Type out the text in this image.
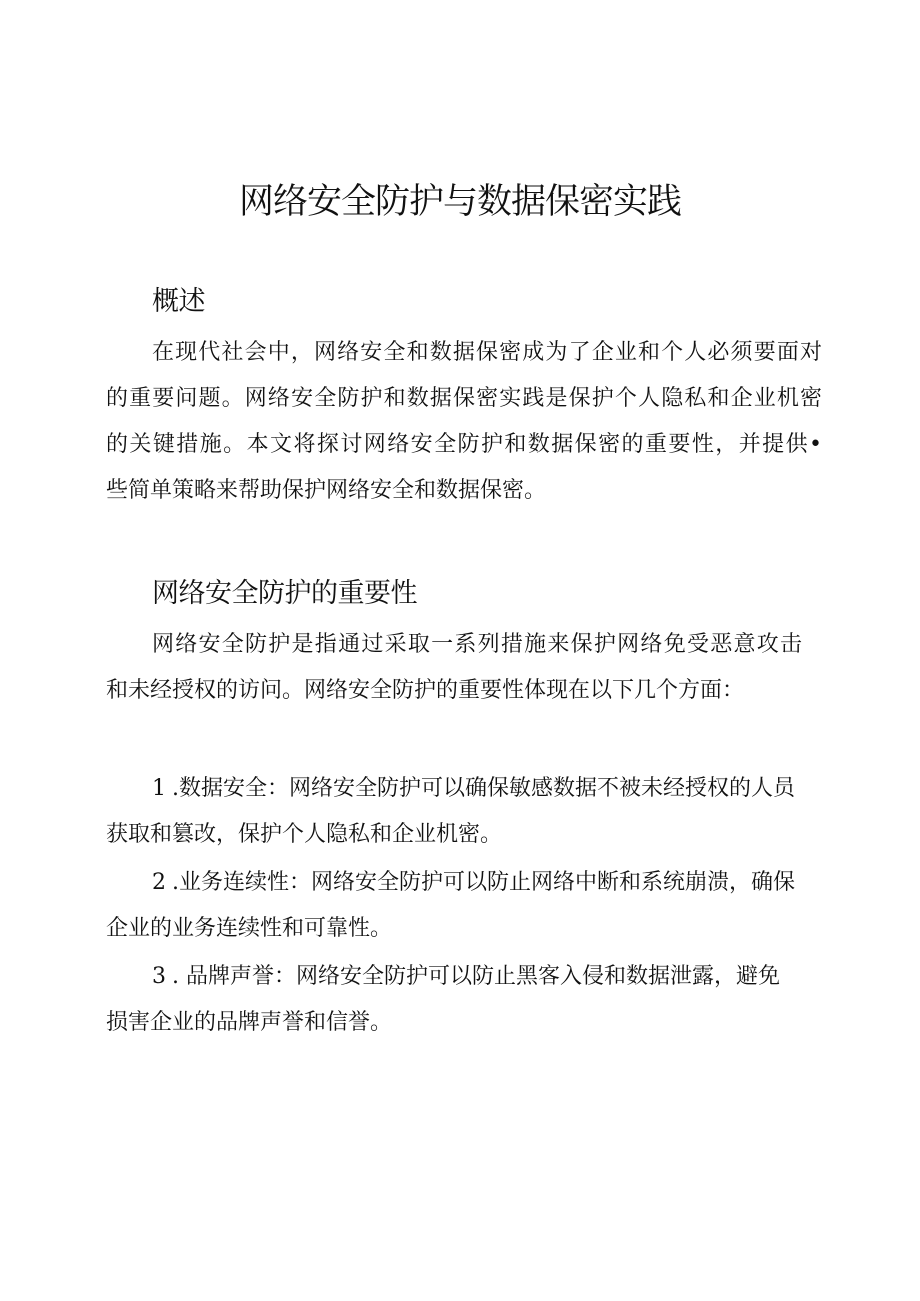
网络安全防护与数据保密实践
概述
在现代社会中，网络安全和数据保密成为了企业和个人必须要面对
的重要问题。网络安全防护和数据保密实践是保护个人隐私和企业机密
的关键措施。本文将探讨网络安全防护和数据保密的重要性，并提供•
些简单策略来帮助保护网络安全和数据保密。
网络安全防护的重要性
网络安全防护是指通过采取一系列措施来保护网络免受恶意攻击
和未经授权的访问。网络安全防护的重要性体现在以下几个方面：
1 .数据安全：网络安全防护可以确保敏感数据不被未经授权的人员
获取和篡改，保护个人隐私和企业机密。
2 .业务连续性：网络安全防护可以防止网络中断和系统崩溃，确保
企业的业务连续性和可靠性。
3 . 品牌声誉：网络安全防护可以防止黑客入侵和数据泄露，避免
损害企业的品牌声誉和信誉。
